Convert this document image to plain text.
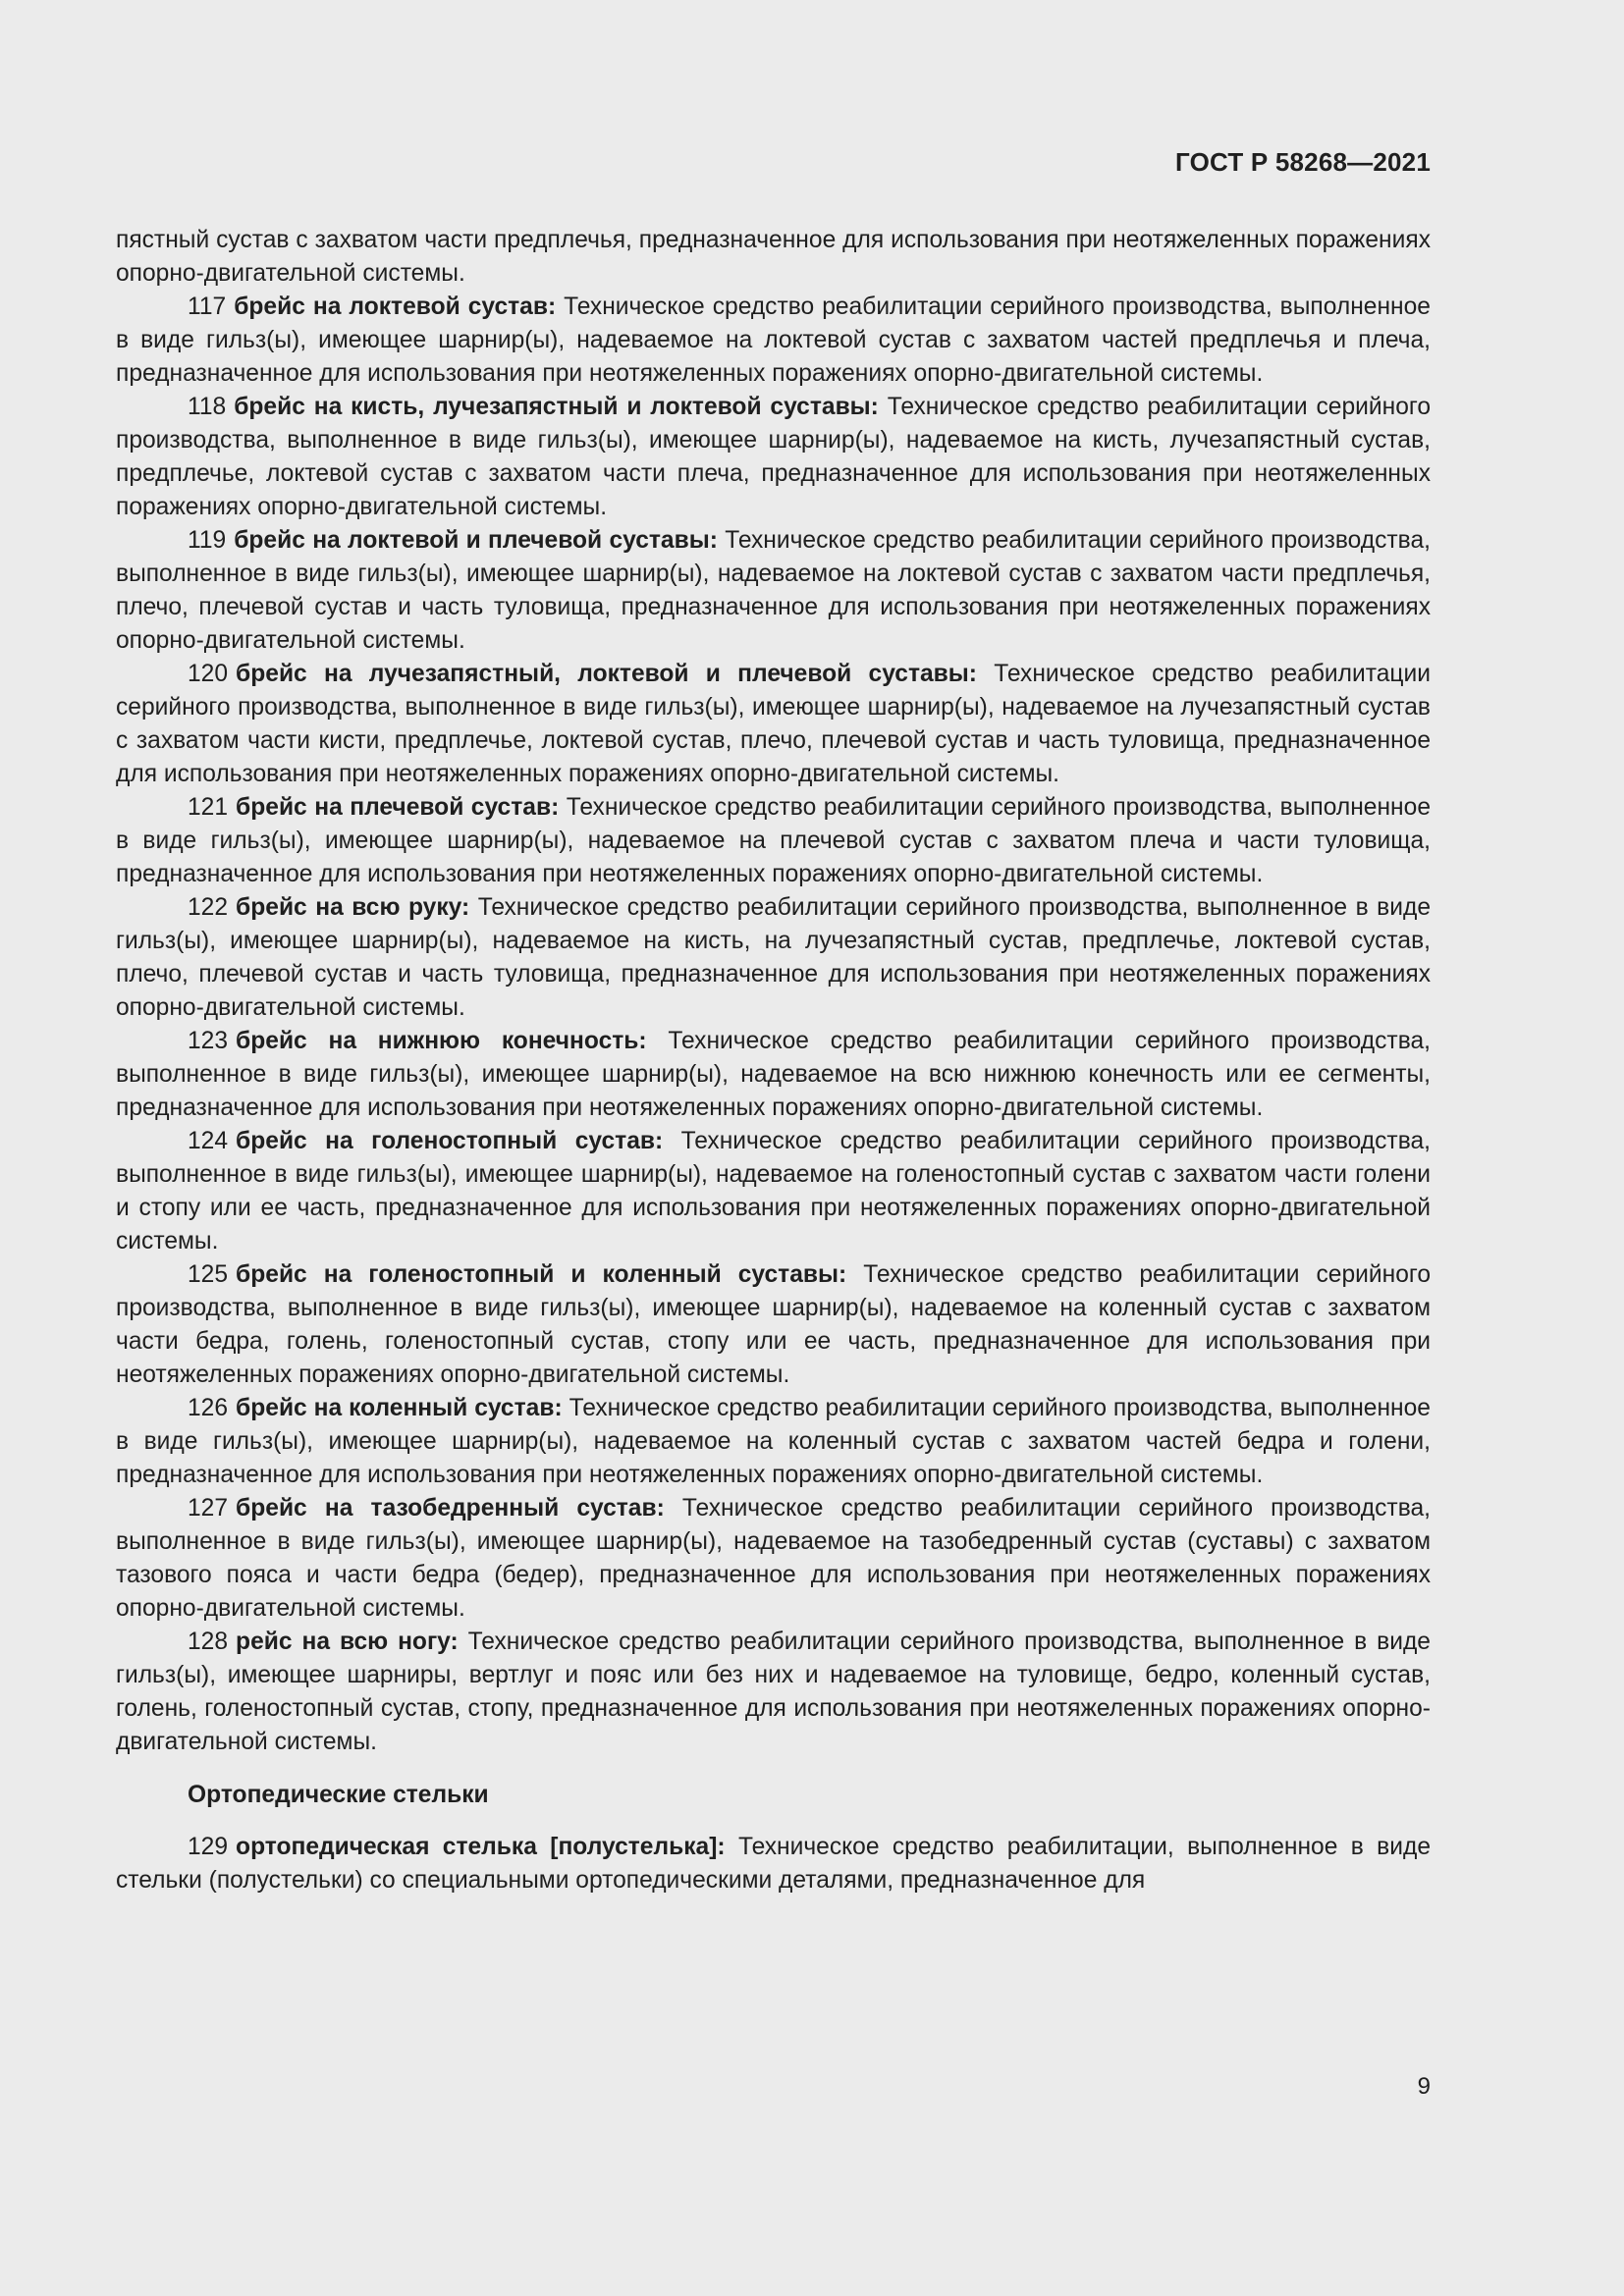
ГОСТ Р 58268—2021

пястный сустав с захватом части предплечья, предназначенное для использования при неотяжеленных поражениях опорно-двигательной системы.

117 брейс на локтевой сустав: Техническое средство реабилитации серийного производства, выполненное в виде гильз(ы), имеющее шарнир(ы), надеваемое на локтевой сустав с захватом частей предплечья и плеча, предназначенное для использования при неотяжеленных поражениях опорно-двигательной системы.

118 брейс на кисть, лучезапястный и локтевой суставы: Техническое средство реабилитации серийного производства, выполненное в виде гильз(ы), имеющее шарнир(ы), надеваемое на кисть, лучезапястный сустав, предплечье, локтевой сустав с захватом части плеча, предназначенное для использования при неотяжеленных поражениях опорно-двигательной системы.

119 брейс на локтевой и плечевой суставы: Техническое средство реабилитации серийного производства, выполненное в виде гильз(ы), имеющее шарнир(ы), надеваемое на локтевой сустав с захватом части предплечья, плечо, плечевой сустав и часть туловища, предназначенное для использования при неотяжеленных поражениях опорно-двигательной системы.

120 брейс на лучезапястный, локтевой и плечевой суставы: Техническое средство реабилитации серийного производства, выполненное в виде гильз(ы), имеющее шарнир(ы), надеваемое на лучезапястный сустав с захватом части кисти, предплечье, локтевой сустав, плечо, плечевой сустав и часть туловища, предназначенное для использования при неотяжеленных поражениях опорно-двигательной системы.

121 брейс на плечевой сустав: Техническое средство реабилитации серийного производства, выполненное в виде гильз(ы), имеющее шарнир(ы), надеваемое на плечевой сустав с захватом плеча и части туловища, предназначенное для использования при неотяжеленных поражениях опорно-двигательной системы.

122 брейс на всю руку: Техническое средство реабилитации серийного производства, выполненное в виде гильз(ы), имеющее шарнир(ы), надеваемое на кисть, на лучезапястный сустав, предплечье, локтевой сустав, плечо, плечевой сустав и часть туловища, предназначенное для использования при неотяжеленных поражениях опорно-двигательной системы.

123 брейс на нижнюю конечность: Техническое средство реабилитации серийного производства, выполненное в виде гильз(ы), имеющее шарнир(ы), надеваемое на всю нижнюю конечность или ее сегменты, предназначенное для использования при неотяжеленных поражениях опорно-двигательной системы.

124 брейс на голеностопный сустав: Техническое средство реабилитации серийного производства, выполненное в виде гильз(ы), имеющее шарнир(ы), надеваемое на голеностопный сустав с захватом части голени и стопу или ее часть, предназначенное для использования при неотяжеленных поражениях опорно-двигательной системы.

125 брейс на голеностопный и коленный суставы: Техническое средство реабилитации серийного производства, выполненное в виде гильз(ы), имеющее шарнир(ы), надеваемое на коленный сустав с захватом части бедра, голень, голеностопный сустав, стопу или ее часть, предназначенное для использования при неотяжеленных поражениях опорно-двигательной системы.

126 брейс на коленный сустав: Техническое средство реабилитации серийного производства, выполненное в виде гильз(ы), имеющее шарнир(ы), надеваемое на коленный сустав с захватом частей бедра и голени, предназначенное для использования при неотяжеленных поражениях опорно-двигательной системы.

127 брейс на тазобедренный сустав: Техническое средство реабилитации серийного производства, выполненное в виде гильз(ы), имеющее шарнир(ы), надеваемое на тазобедренный сустав (суставы) с захватом тазового пояса и части бедра (бедер), предназначенное для использования при неотяжеленных поражениях опорно-двигательной системы.

128 рейс на всю ногу: Техническое средство реабилитации серийного производства, выполненное в виде гильз(ы), имеющее шарниры, вертлуг и пояс или без них и надеваемое на туловище, бедро, коленный сустав, голень, голеностопный сустав, стопу, предназначенное для использования при неотяжеленных поражениях опорно-двигательной системы.

Ортопедические стельки

129 ортопедическая стелька [полустелька]: Техническое средство реабилитации, выполненное в виде стельки (полустельки) со специальными ортопедическими деталями, предназначенное для

9
